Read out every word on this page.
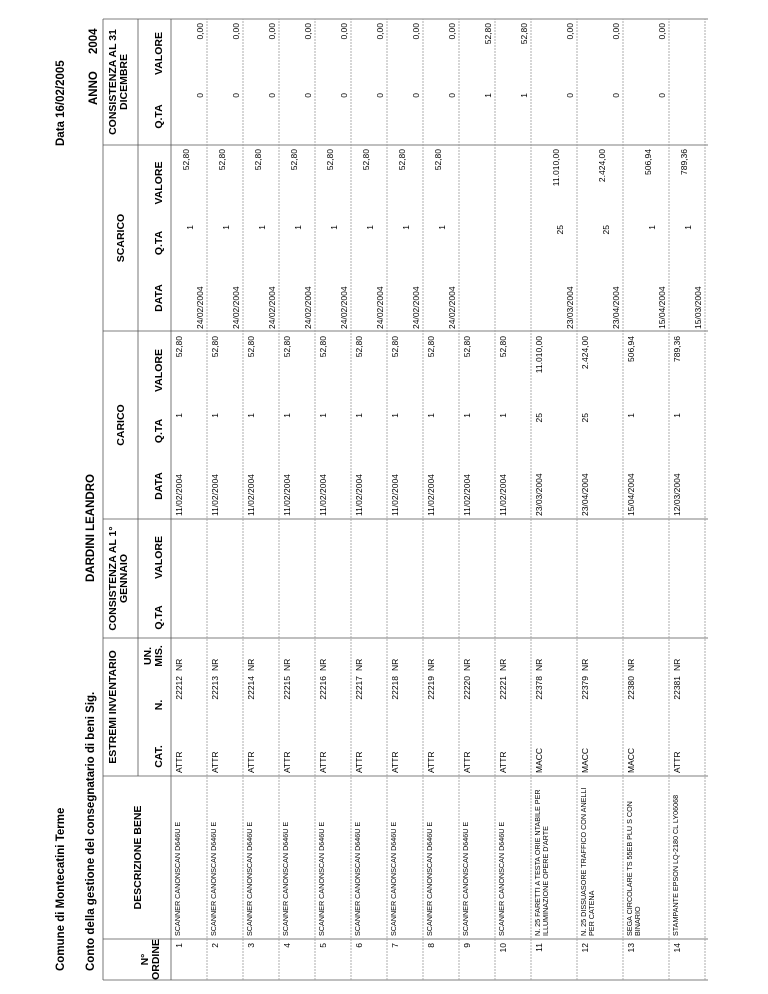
Comune di Montecatini Terme
Data 16/02/2005
Conto della gestione del consegnatario di beni Sig.
DARDINI LEANDRO
ANNO
2004
N° ORDINE
DESCRIZIONE BENE
ESTREMI INVENTARIO	CAT.
N.
UN. MIS.
CONSISTENZA AL 1° GENNAIO
Q.TA
VALORE
CARICO
DATA
Q.TA
VALORE
SCARICO
1
SCANNER CANONSCAN D646U E
ATTR
22212
NR
11/02/2004
1
52,80
24/02/2004
1
52,80
0
0,00
2
SCANNER CANONSCAN D646U E
ATTR
22213
NR
11/02/2004
1
52,80
24/02/2004
1
52,80
0
0,00
3
SCANNER CANONSCAN D646U E
ATTR
22214
NR
11/02/2004
1
52,80
24/02/2004
1
52,80
0
0,00
4
SCANNER CANONSCAN D646U E
ATTR
22215
NR
11/02/2004
1
52,80
24/02/2004
1
52,80
0
0,00
5
SCANNER CANONSCAN D646U E
ATTR
22216
NR
11/02/2004
1
52,80
24/02/2004
1
52,80
0
0,00
6
SCANNER CANONSCAN D646U E
ATTR
22217
NR
11/02/2004
1
52,80
24/02/2004
1
52,80
0
0,00
7
SCANNER CANONSCAN D646U E
ATTR
22218
NR
11/02/2004
1
52,80
24/02/2004
1
52,80
0
0,00
8
SCANNER CANONSCAN D646U E
ATTR
22219
NR
11/02/2004
1
52,80
24/02/2004
1
52,80
0
0,00
9
SCANNER CANONSCAN D646U E
ATTR
22220
NR
11/02/2004
1
52,80
1
52,80
10
SCANNER CANONSCAN D646U E
ATTR
22221
NR
11/02/2004
1
52,80
1
52,80
11
N. 25 FARETTI A TESTA ORIE NTABILE PER ILLUMINAZIONE OPERE D'ARTE
MACC
22378
NR
23/03/2004
25
11.010,00
23/03/2004
25
11.010,00
0
0,00
12
N. 25 DISSUASORE TRAFFICO CON ANELLI PER CATENA
MACC
22379
NR
23/04/2004
25
2.424,00
23/04/2004
25
2.424,00
0
0,00
13
SEGA CIRCOLARE TS 55EB PLU S CON BINARIO
MACC
22380
NR
15/04/2004
1
506,94
15/04/2004
1
506,94
0
0,00
14
STAMPANTE EPSON LQ-2180 CL LY06068
ATTR
22381
NR
12/03/2004
1
789,36
15/03/2004
1
789,36
DATA
Q.TA
VALORE
CONSISTENZA AL 31 DICEMBRE
Q.TA
VALORE
